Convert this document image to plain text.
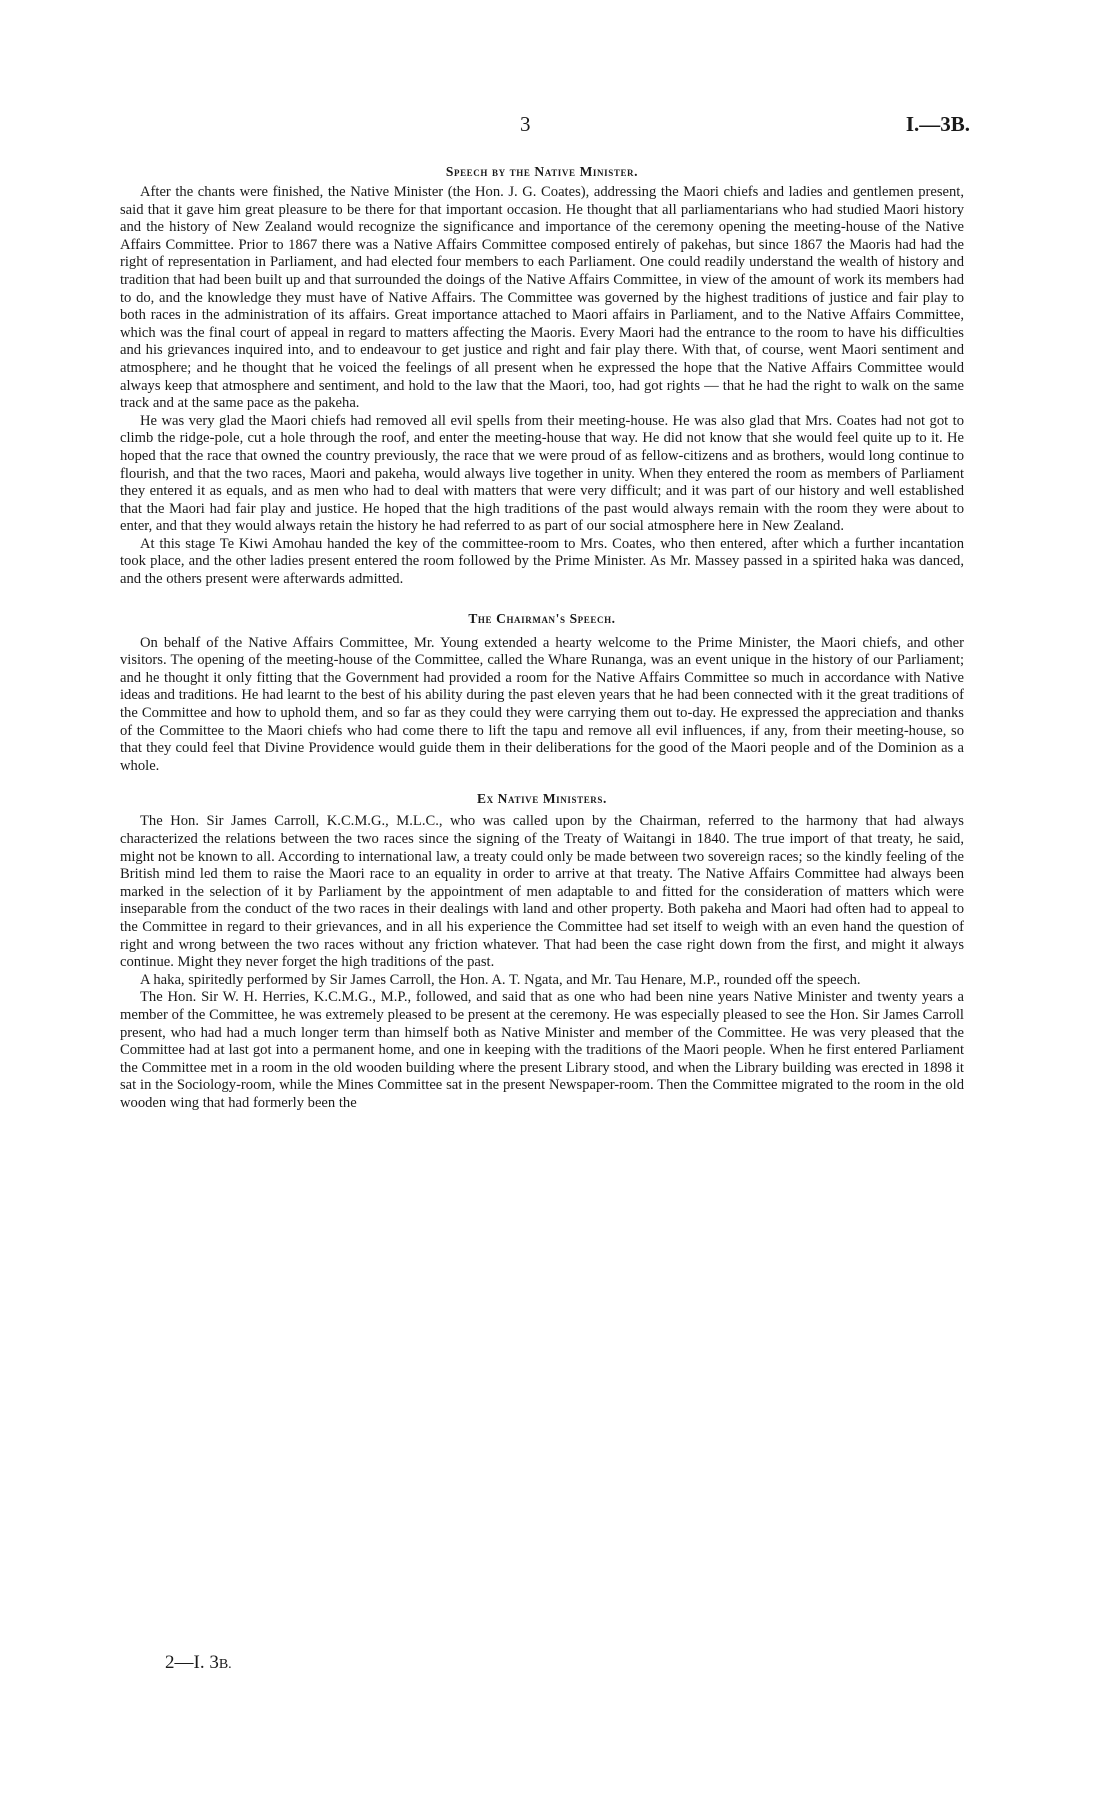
3	I.—3B.
Speech by the Native Minister.

After the chants were finished, the Native Minister (the Hon. J. G. Coates), addressing the Maori chiefs and ladies and gentlemen present, said that it gave him great pleasure to be there for that important occasion. He thought that all parliamentarians who had studied Maori history and the history of New Zealand would recognize the significance and importance of the ceremony opening the meeting-house of the Native Affairs Committee. Prior to 1867 there was a Native Affairs Committee composed entirely of pakehas, but since 1867 the Maoris had had the right of representation in Parliament, and had elected four members to each Parliament. One could readily understand the wealth of history and tradition that had been built up and that surrounded the doings of the Native Affairs Committee, in view of the amount of work its members had to do, and the knowledge they must have of Native Affairs. The Committee was governed by the highest traditions of justice and fair play to both races in the administration of its affairs. Great importance attached to Maori affairs in Parliament, and to the Native Affairs Committee, which was the final court of appeal in regard to matters affecting the Maoris. Every Maori had the entrance to the room to have his difficulties and his grievances inquired into, and to endeavour to get justice and right and fair play there. With that, of course, went Maori sentiment and atmosphere; and he thought that he voiced the feelings of all present when he expressed the hope that the Native Affairs Committee would always keep that atmosphere and sentiment, and hold to the law that the Maori, too, had got rights — that he had the right to walk on the same track and at the same pace as the pakeha.

He was very glad the Maori chiefs had removed all evil spells from their meeting-house. He was also glad that Mrs. Coates had not got to climb the ridge-pole, cut a hole through the roof, and enter the meeting-house that way. He did not know that she would feel quite up to it. He hoped that the race that owned the country previously, the race that we were proud of as fellow-citizens and as brothers, would long continue to flourish, and that the two races, Maori and pakeha, would always live together in unity. When they entered the room as members of Parliament they entered it as equals, and as men who had to deal with matters that were very difficult; and it was part of our history and well established that the Maori had fair play and justice. He hoped that the high traditions of the past would always remain with the room they were about to enter, and that they would always retain the history he had referred to as part of our social atmosphere here in New Zealand.

At this stage Te Kiwi Amohau handed the key of the committee-room to Mrs. Coates, who then entered, after which a further incantation took place, and the other ladies present entered the room followed by the Prime Minister. As Mr. Massey passed in a spirited haka was danced, and the others present were afterwards admitted.

The Chairman's Speech.

On behalf of the Native Affairs Committee, Mr. Young extended a hearty welcome to the Prime Minister, the Maori chiefs, and other visitors. The opening of the meeting-house of the Committee, called the Whare Runanga, was an event unique in the history of our Parliament; and he thought it only fitting that the Government had provided a room for the Native Affairs Committee so much in accordance with Native ideas and traditions. He had learnt to the best of his ability during the past eleven years that he had been connected with it the great traditions of the Committee and how to uphold them, and so far as they could they were carrying them out to-day. He expressed the appreciation and thanks of the Committee to the Maori chiefs who had come there to lift the tapu and remove all evil influences, if any, from their meeting-house, so that they could feel that Divine Providence would guide them in their deliberations for the good of the Maori people and of the Dominion as a whole.

Ex Native Ministers.

The Hon. Sir James Carroll, K.C.M.G., M.L.C., who was called upon by the Chairman, referred to the harmony that had always characterized the relations between the two races since the signing of the Treaty of Waitangi in 1840. The true import of that treaty, he said, might not be known to all. According to international law, a treaty could only be made between two sovereign races; so the kindly feeling of the British mind led them to raise the Maori race to an equality in order to arrive at that treaty. The Native Affairs Committee had always been marked in the selection of it by Parliament by the appointment of men adaptable to and fitted for the consideration of matters which were inseparable from the conduct of the two races in their dealings with land and other property. Both pakeha and Maori had often had to appeal to the Committee in regard to their grievances, and in all his experience the Committee had set itself to weigh with an even hand the question of right and wrong between the two races without any friction whatever. That had been the case right down from the first, and might it always continue. Might they never forget the high traditions of the past.

A haka, spiritedly performed by Sir James Carroll, the Hon. A. T. Ngata, and Mr. Tau Henare, M.P., rounded off the speech.

The Hon. Sir W. H. Herries, K.C.M.G., M.P., followed, and said that as one who had been nine years Native Minister and twenty years a member of the Committee, he was extremely pleased to be present at the ceremony. He was especially pleased to see the Hon. Sir James Carroll present, who had had a much longer term than himself both as Native Minister and member of the Committee. He was very pleased that the Committee had at last got into a permanent home, and one in keeping with the traditions of the Maori people. When he first entered Parliament the Committee met in a room in the old wooden building where the present Library stood, and when the Library building was erected in 1898 it sat in the Sociology-room, while the Mines Committee sat in the present Newspaper-room. Then the Committee migrated to the room in the old wooden wing that had formerly been the

2—I. 3B.
